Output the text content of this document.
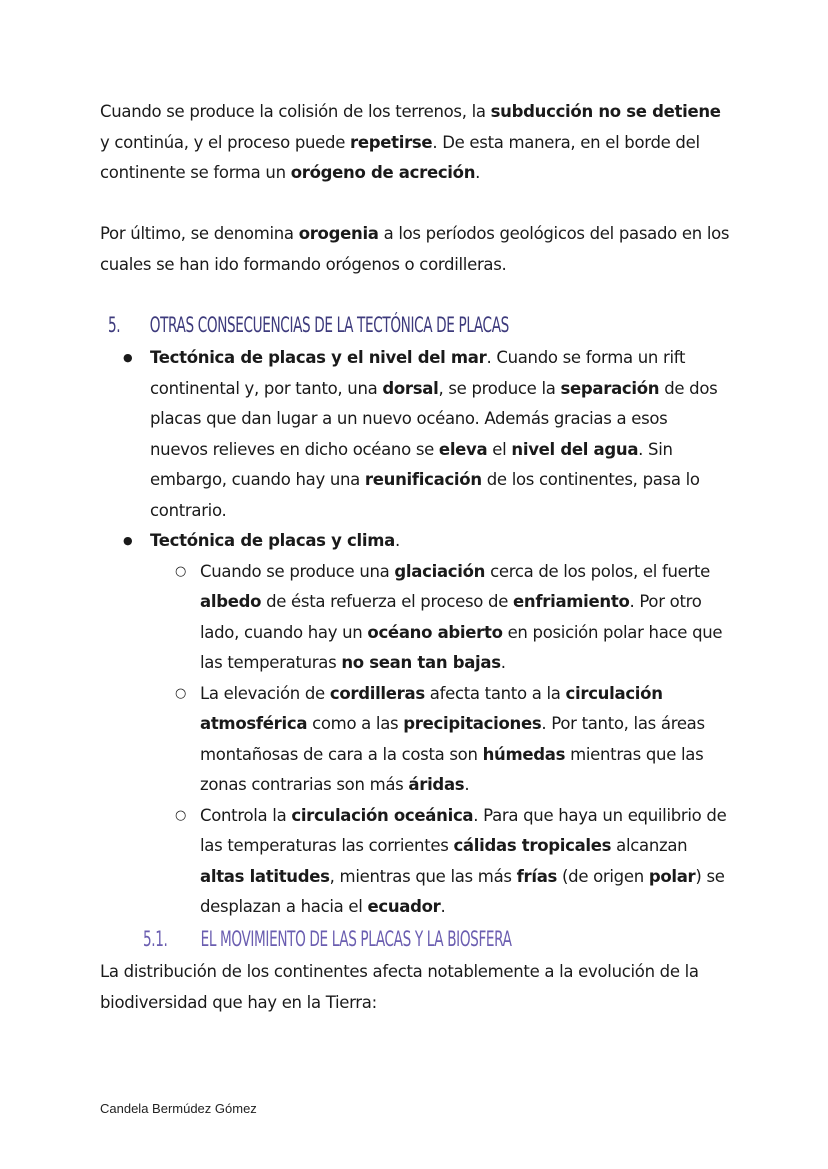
Cuando se produce la colisión de los terrenos, la subducción no se detiene y continúa, y el proceso puede repetirse. De esta manera, en el borde del continente se forma un orógeno de acreción.
Por último, se denomina orogenia a los períodos geológicos del pasado en los cuales se han ido formando orógenos o cordilleras.
5. OTRAS CONSECUENCIAS DE LA TECTÓNICA DE PLACAS
● Tectónica de placas y el nivel del mar. Cuando se forma un rift continental y, por tanto, una dorsal, se produce la separación de dos placas que dan lugar a un nuevo océano. Además gracias a esos nuevos relieves en dicho océano se eleva el nivel del agua. Sin embargo, cuando hay una reunificación de los continentes, pasa lo contrario.
● Tectónica de placas y clima.
○ Cuando se produce una glaciación cerca de los polos, el fuerte albedo de ésta refuerza el proceso de enfriamiento. Por otro lado, cuando hay un océano abierto en posición polar hace que las temperaturas no sean tan bajas.
○ La elevación de cordilleras afecta tanto a la circulación atmosférica como a las precipitaciones. Por tanto, las áreas montañosas de cara a la costa son húmedas mientras que las zonas contrarias son más áridas.
○ Controla la circulación oceánica. Para que haya un equilibrio de las temperaturas las corrientes cálidas tropicales alcanzan altas latitudes, mientras que las más frías (de origen polar) se desplazan a hacia el ecuador.
5.1. EL MOVIMIENTO DE LAS PLACAS Y LA BIOSFERA
La distribución de los continentes afecta notablemente a la evolución de la biodiversidad que hay en la Tierra:
Candela Bermúdez Gómez
